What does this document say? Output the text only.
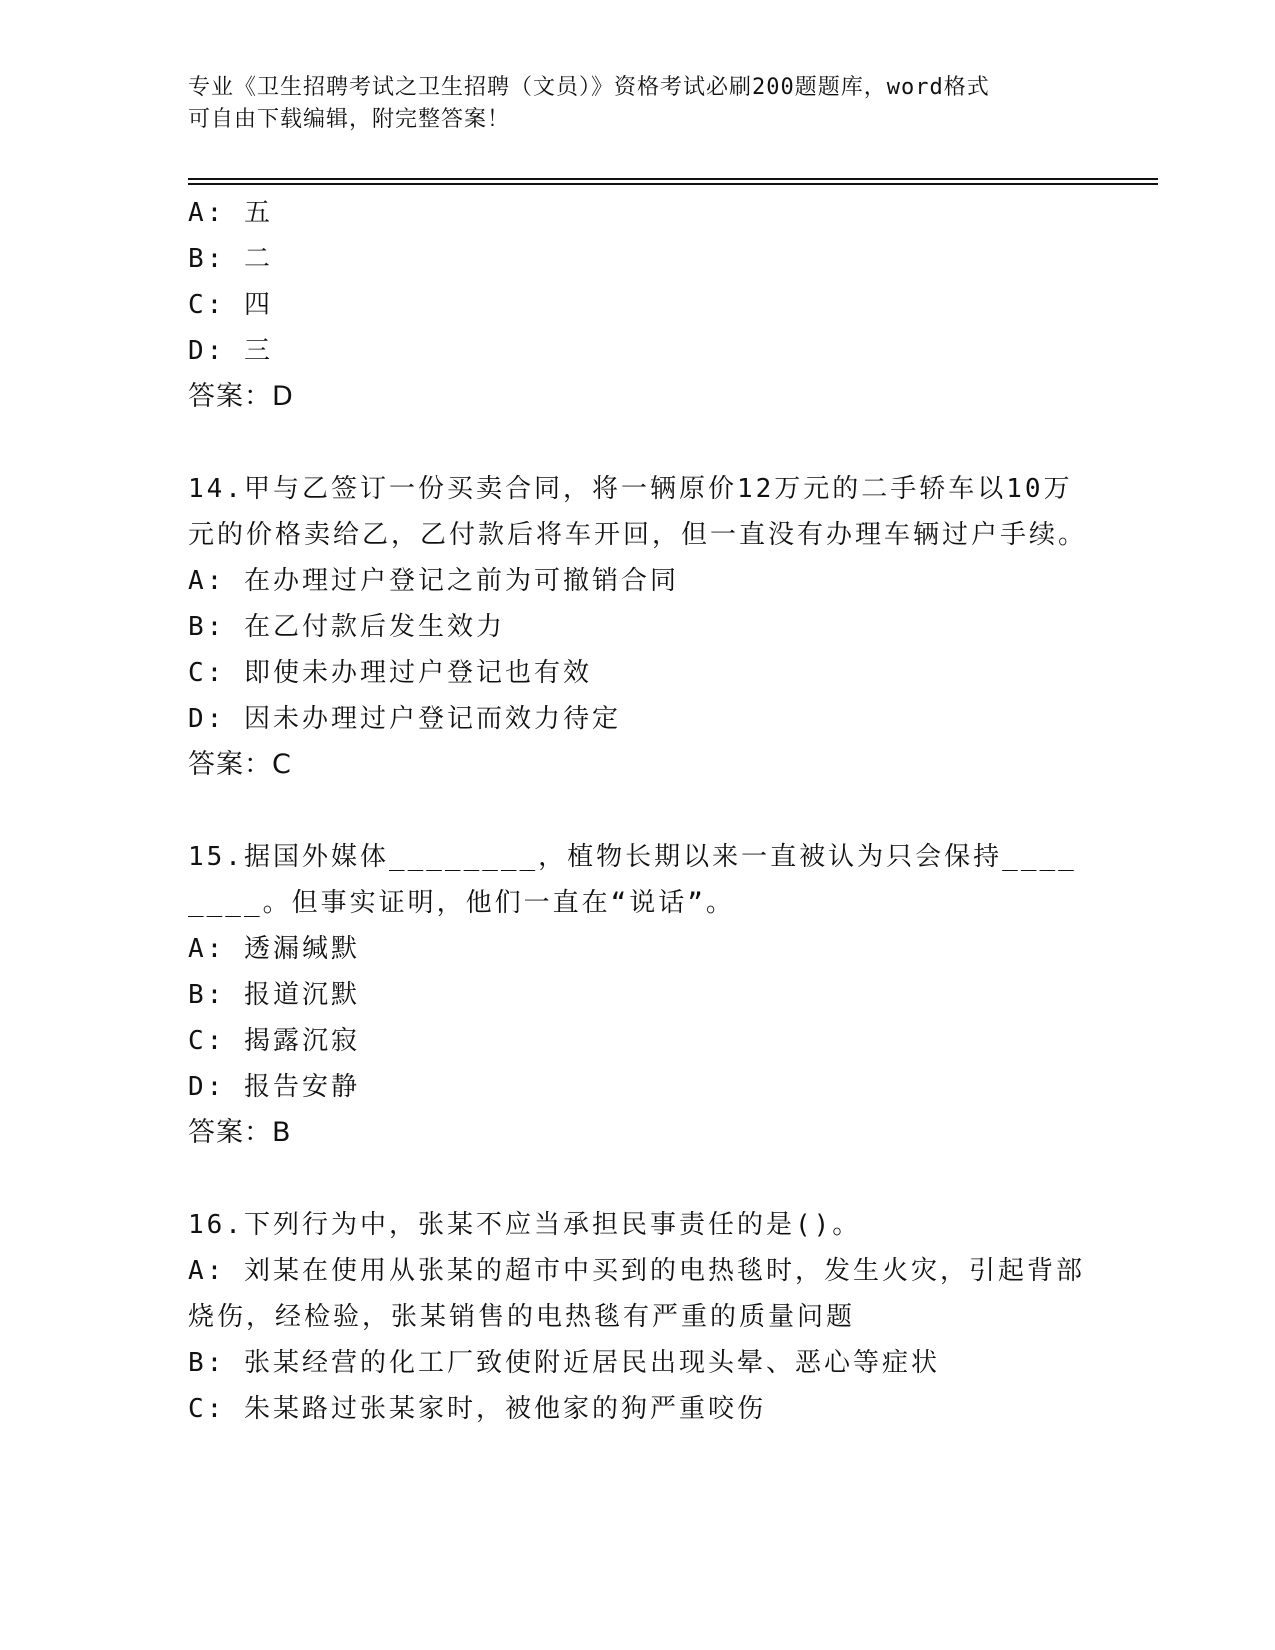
专业《卫生招聘考试之卫生招聘（文员）》资格考试必刷200题题库，word格式
可自由下载编辑，附完整答案！
A: 五
B: 二
C: 四
D: 三
答案：D
14.甲与乙签订一份买卖合同，将一辆原价12万元的二手轿车以10万元的价格卖给乙，乙付款后将车开回，但一直没有办理车辆过户手续。
A: 在办理过户登记之前为可撤销合同
B: 在乙付款后发生效力
C: 即使未办理过户登记也有效
D: 因未办理过户登记而效力待定
答案：C
15.据国外媒体________，植物长期以来一直被认为只会保持________。但事实证明，他们一直在“说话”。
A: 透漏缄默
B: 报道沉默
C: 揭露沉寂
D: 报告安静
答案：B
16.下列行为中，张某不应当承担民事责任的是()。
A: 刘某在使用从张某的超市中买到的电热毯时，发生火灾，引起背部烧伤，经检验，张某销售的电热毯有严重的质量问题
B: 张某经营的化工厂致使附近居民出现头晕、恶心等症状
C: 朱某路过张某家时，被他家的狗严重咬伤
